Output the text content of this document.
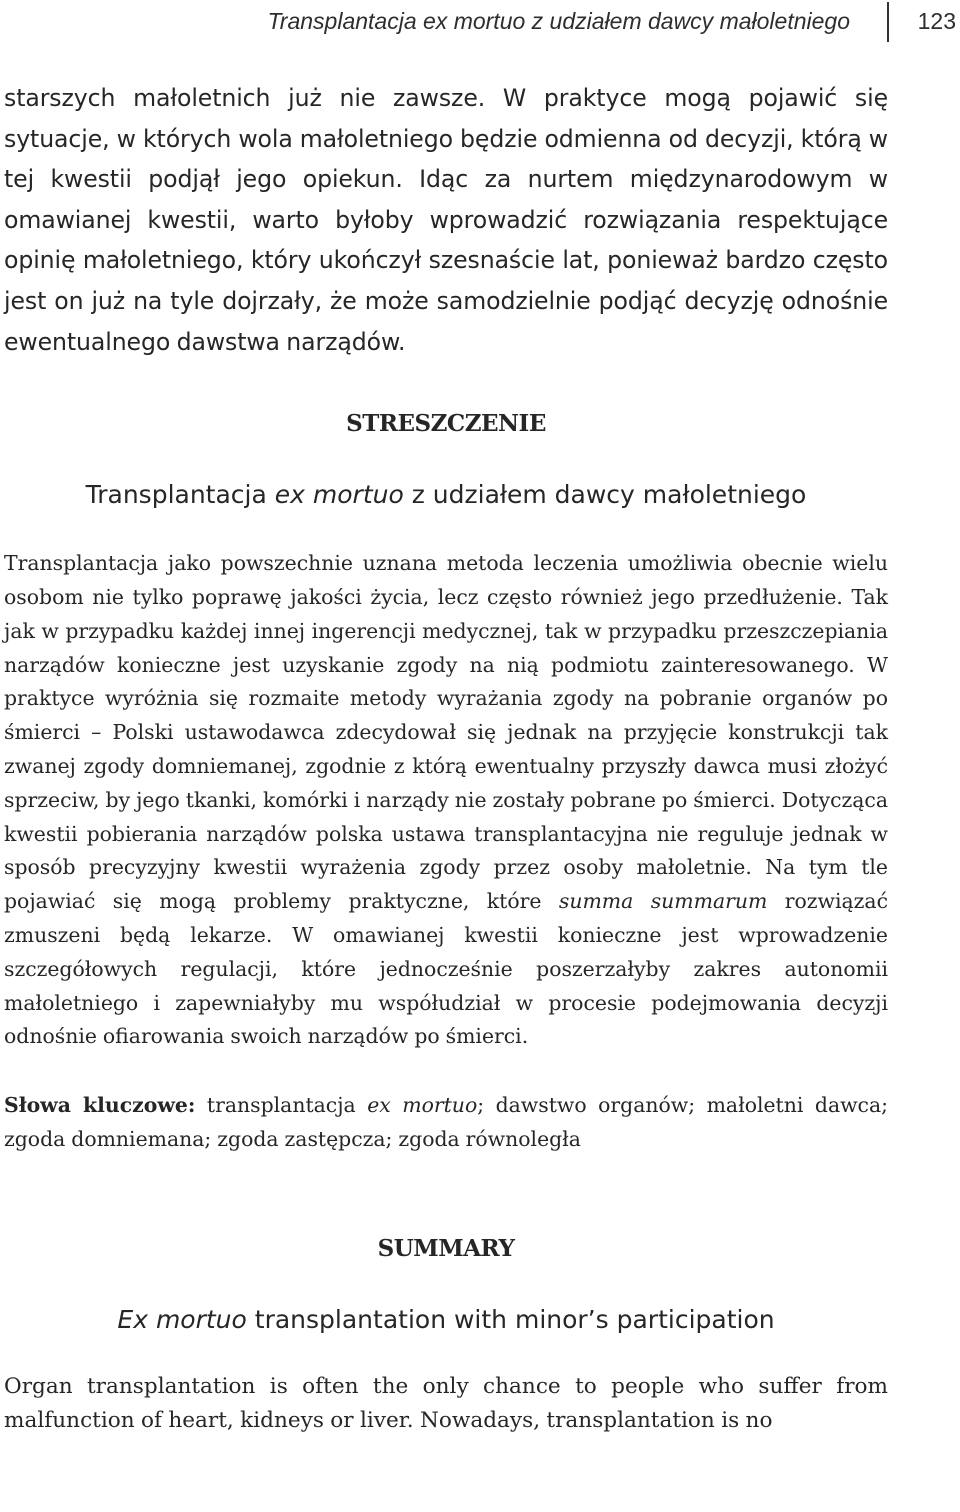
Transplantacja ex mortuo z udziałem dawcy małoletniego	123

starszych małoletnich już nie zawsze. W praktyce mogą pojawić się sytuacje, w których wola małoletniego będzie odmienna od decyzji, którą w tej kwestii podjął jego opiekun. Idąc za nurtem międzynarodowym w omawianej kwestii, warto byłoby wprowadzić rozwiązania respektujące opinię małoletniego, który ukończył szesnaście lat, ponieważ bardzo często jest on już na tyle dojrzały, że może samodzielnie podjąć decyzję odnośnie ewentualnego dawstwa narządów.

STRESZCZENIE
Transplantacja ex mortuo z udziałem dawcy małoletniego

Transplantacja jako powszechnie uznana metoda leczenia umożliwia obecnie wielu osobom nie tylko poprawę jakości życia, lecz często również jego przedłużenie. Tak jak w przypadku każdej innej ingerencji medycznej, tak w przypadku przeszczepiania narządów konieczne jest uzyskanie zgody na nią podmiotu zainteresowanego. W praktyce wyróżnia się rozmaite metody wyrażania zgody na pobranie organów po śmierci – Polski ustawodawca zdecydował się jednak na przyjęcie konstrukcji tak zwanej zgody domniemanej, zgodnie z którą ewentualny przyszły dawca musi złożyć sprzeciw, by jego tkanki, komórki i narządy nie zostały pobrane po śmierci. Dotycząca kwestii pobierania narządów polska ustawa transplantacyjna nie reguluje jednak w sposób precyzyjny kwestii wyrażenia zgody przez osoby małoletnie. Na tym tle pojawiać się mogą problemy praktyczne, które summa summarum rozwiązać zmuszeni będą lekarze. W omawianej kwestii konieczne jest wprowadzenie szczegółowych regulacji, które jednocześnie poszerzałyby zakres autonomii małoletniego i zapewniałyby mu współudział w procesie podejmowania decyzji odnośnie ofiarowania swoich narządów po śmierci.

Słowa kluczowe: transplantacja ex mortuo; dawstwo organów; małoletni dawca; zgoda domniemana; zgoda zastępcza; zgoda równoległa

SUMMARY
Ex mortuo transplantation with minor’s participation

Organ transplantation is often the only chance to people who suffer from malfunction of heart, kidneys or liver. Nowadays, transplantation is no
